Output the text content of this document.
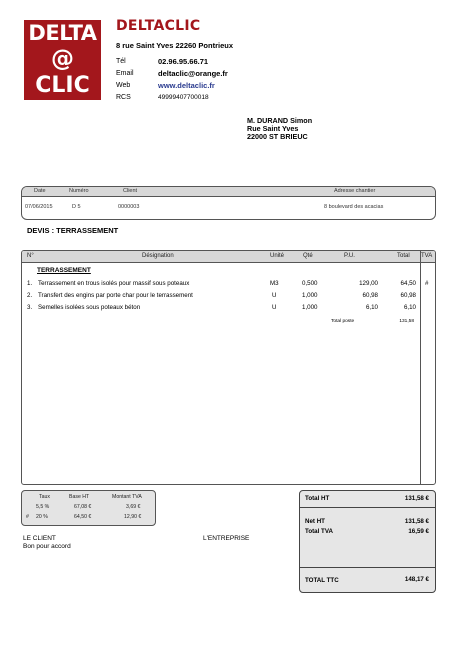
DELTA
@
CLIC
DELTACLIC
8 rue Saint Yves 22260 Pontrieux
Tél	02.96.95.66.71
Email	deltaclic@orange.fr
Web	www.deltaclic.fr
RCS	49999407700018
M. DURAND Simon
Rue Saint Yves
22000 ST BRIEUC
Date	Numéro	Client	Adresse chantier
07/06/2015	D 5	0000003	8 boulevard des acacias
DEVIS : TERRASSEMENT
N°	Désignation	Unité	Qté	P.U.	Total TVA
TERRASSEMENT
1. Terrassement en trous isolés pour massif sous poteaux	M3	0,500	129,00	64,50 #
2. Transfert des engins par porte char pour le terrassement	U	1,000	60,98	60,98
3. Semelles isolées sous poteaux béton	U	1,000	6,10	6,10
Total poste	131,58
Taux	Base HT	Montant TVA
5,5 %	67,08 €	3,69 €
# 20 %	64,50 €	12,90 €
Total HT	131,58 €
Net HT	131,58 €
Total TVA	16,59 €
TOTAL TTC	148,17 €
LE CLIENT
Bon pour accord
L'ENTREPRISE
